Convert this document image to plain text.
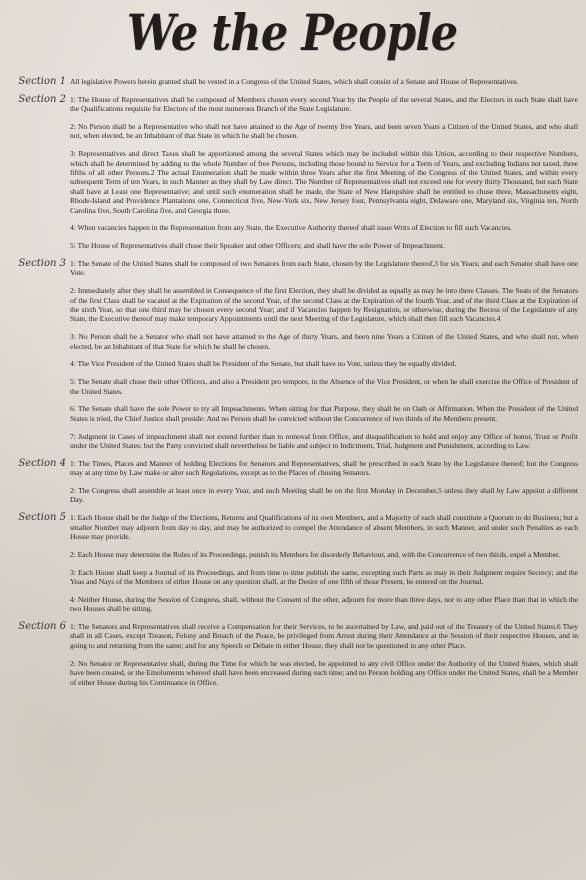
We the People
Section 1 All legislative Powers herein granted shall be vested in a Congress of the United States, which shall consist of a Senate and House of Representatives.

Section 2 1: The House of Representatives shall be composed of Members chosen every second Year by the People of the several States, and the Electors in each State shall have the Qualifications requisite for Electors of the most numerous Branch of the State Legislature.

2: No Person shall be a Representative who shall not have attained to the Age of twenty five Years, and been seven Years a Citizen of the United States, and who shall not, when elected, be an Inhabitant of that State in which he shall be chosen.

3: Representatives and direct Taxes shall be apportioned among the several States which may be included within this Union, according to their respective Numbers, which shall be determined by adding to the whole Number of free Persons, including those bound to Service for a Term of Years, and excluding Indians not taxed, three fifths of all other Persons.2 The actual Enumeration shall be made within three Years after the first Meeting of the Congress of the United States, and within every subsequent Term of ten Years, in such Manner as they shall by Law direct. The Number of Representatives shall not exceed one for every thirty Thousand, but each State shall have at Least one Representative; and until such enumeration shall be made, the State of New Hampshire shall be entitled to chuse three, Massachusetts eight, Rhode-Island and Providence Plantations one, Connecticut five, New-York six, New Jersey four, Pennsylvania eight, Delaware one, Maryland six, Virginia ten, North Carolina five, South Carolina five, and Georgia three.

4: When vacancies happen in the Representation from any State, the Executive Authority thereof shall issue Writs of Election to fill such Vacancies.

5: The House of Representatives shall chuse their Speaker and other Officers; and shall have the sole Power of Impeachment.

Section 3 1: The Senate of the United States shall be composed of two Senators from each State, chosen by the Legislature thereof,3 for six Years; and each Senator shall have one Vote.

2: Immediately after they shall be assembled in Consequence of the first Election, they shall be divided as equally as may be into three Classes. The Seats of the Senators of the first Class shall be vacated at the Expiration of the second Year, of the second Class at the Expiration of the fourth Year, and of the third Class at the Expiration of the sixth Year, so that one third may be chosen every second Year; and if Vacancies happen by Resignation, or otherwise, during the Recess of the Legislature of any State, the Executive thereof may make temporary Appointments until the next Meeting of the Legislature, which shall then fill such Vacancies.4

3: No Person shall be a Senator who shall not have attained to the Age of thirty Years, and been nine Years a Citizen of the United States, and who shall not, when elected, be an Inhabitant of that State for which he shall be chosen.

4: The Vice President of the United States shall be President of the Senate, but shall have no Vote, unless they be equally divided.

5: The Senate shall chuse their other Officers, and also a President pro tempore, in the Absence of the Vice President, or when he shall exercise the Office of President of the United States.

6: The Senate shall have the sole Power to try all Impeachments. When sitting for that Purpose, they shall be on Oath or Affirmation. When the President of the United States is tried, the Chief Justice shall preside: And no Person shall be convicted without the Concurrence of two thirds of the Members present.

7: Judgment in Cases of impeachment shall not extend further than to removal from Office, and disqualification to hold and enjoy any Office of honor, Trust or Profit under the United States: but the Party convicted shall nevertheless be liable and subject to Indictment, Trial, Judgment and Punishment, according to Law.

Section 4 1: The Times, Places and Manner of holding Elections for Senators and Representatives, shall be prescribed in each State by the Legislature thereof; but the Congress may at any time by Law make or alter such Regulations, except as to the Places of chusing Senators.

2: The Congress shall assemble at least once in every Year, and such Meeting shall be on the first Monday in December,5 unless they shall by Law appoint a different Day.

Section 5 1: Each House shall be the Judge of the Elections, Returns and Qualifications of its own Members, and a Majority of each shall constitute a Quorum to do Business; but a smaller Number may adjourn from day to day, and may be authorized to compel the Attendance of absent Members, in such Manner, and under such Penalties as each House may provide.

2: Each House may determine the Rules of its Proceedings, punish its Members for disorderly Behaviour, and, with the Concurrence of two thirds, expel a Member.

3: Each House shall keep a Journal of its Proceedings, and from time to time publish the same, excepting such Parts as may in their Judgment require Secrecy; and the Yeas and Nays of the Members of either House on any question shall, at the Desire of one fifth of those Present, be entered on the Journal.

4: Neither House, during the Session of Congress, shall, without the Consent of the other, adjourn for more than three days, nor to any other Place than that in which the two Houses shall be sitting.

Section 6 1: The Senators and Representatives shall receive a Compensation for their Services, to be ascertained by Law, and paid out of the Treasury of the United States.6 They shall in all Cases, except Treason, Felony and Breach of the Peace, be privileged from Arrest during their Attendance at the Session of their respective Houses, and in going to and returning from the same; and for any Speech or Debate in either House, they shall not be questioned in any other Place.

2: No Senator or Representative shall, during the Time for which he was elected, be appointed to any civil Office under the Authority of the United States, which shall have been created, or the Emoluments whereof shall have been encreased during such time; and no Person holding any Office under the United States, shall be a Member of either House during his Continuance in Office.
